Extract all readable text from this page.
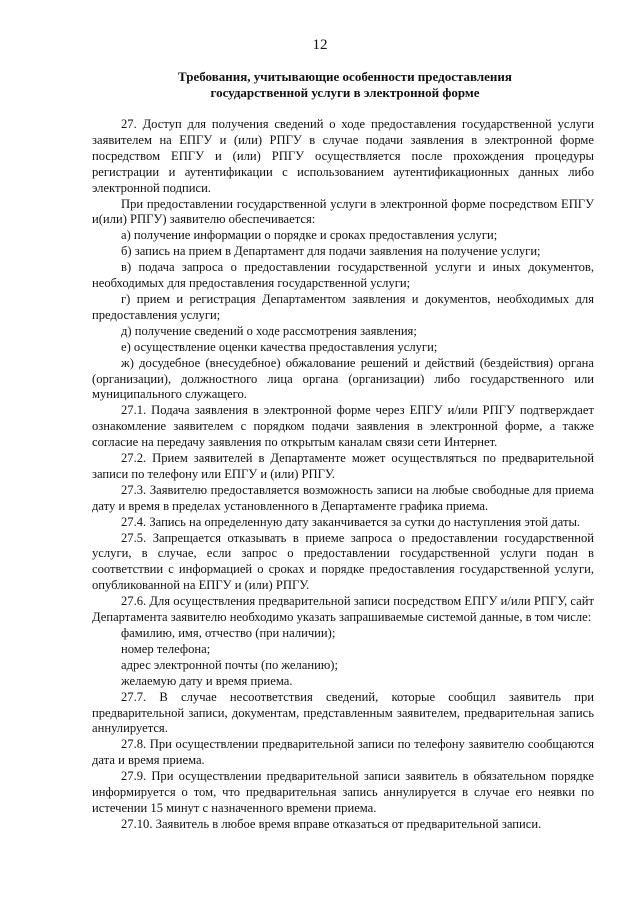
12
Требования, учитывающие особенности предоставления
государственной услуги в электронной форме

27. Доступ для получения сведений о ходе предоставления государственной услуги заявителем на ЕПГУ и (или) РПГУ в случае подачи заявления в электронной форме посредством ЕПГУ и (или) РПГУ осуществляется после прохождения процедуры регистрации и аутентификации с использованием аутентификационных данных либо электронной подписи.

При предоставлении государственной услуги в электронной форме посредством ЕПГУ и(или) РПГУ) заявителю обеспечивается:

а) получение информации о порядке и сроках предоставления услуги;

б) запись на прием в Департамент для подачи заявления на получение услуги;

в) подача запроса о предоставлении государственной услуги и иных документов, необходимых для предоставления государственной услуги;

г) прием и регистрация Департаментом заявления и документов, необходимых для предоставления услуги;

д) получение сведений о ходе рассмотрения заявления;

е) осуществление оценки качества предоставления услуги;

ж) досудебное (внесудебное) обжалование решений и действий (бездействия) органа (организации), должностного лица органа (организации) либо государственного или муниципального служащего.

27.1. Подача заявления в электронной форме через ЕПГУ и/или РПГУ подтверждает ознакомление заявителем с порядком подачи заявления в электронной форме, а также согласие на передачу заявления по открытым каналам связи сети Интернет.

27.2. Прием заявителей в Департаменте может осуществляться по предварительной записи по телефону или ЕПГУ и (или) РПГУ.

27.3. Заявителю предоставляется возможность записи на любые свободные для приема дату и время в пределах установленного в Департаменте графика приема.

27.4. Запись на определенную дату заканчивается за сутки до наступления этой даты.

27.5. Запрещается отказывать в приеме запроса о предоставлении государственной услуги, в случае, если запрос о предоставлении государственной услуги подан в соответствии с информацией о сроках и порядке предоставления государственной услуги, опубликованной на ЕПГУ и (или) РПГУ.

27.6. Для осуществления предварительной записи посредством ЕПГУ и/или РПГУ, сайт Департамента заявителю необходимо указать запрашиваемые системой данные, в том числе:

фамилию, имя, отчество (при наличии);
номер телефона;
адрес электронной почты (по желанию);
желаемую дату и время приема.

27.7. В случае несоответствия сведений, которые сообщил заявитель при предварительной записи, документам, представленным заявителем, предварительная запись аннулируется.

27.8. При осуществлении предварительной записи по телефону заявителю сообщаются дата и время приема.

27.9. При осуществлении предварительной записи заявитель в обязательном порядке информируется о том, что предварительная запись аннулируется в случае его неявки по истечении 15 минут с назначенного времени приема.

27.10. Заявитель в любое время вправе отказаться от предварительной записи.
